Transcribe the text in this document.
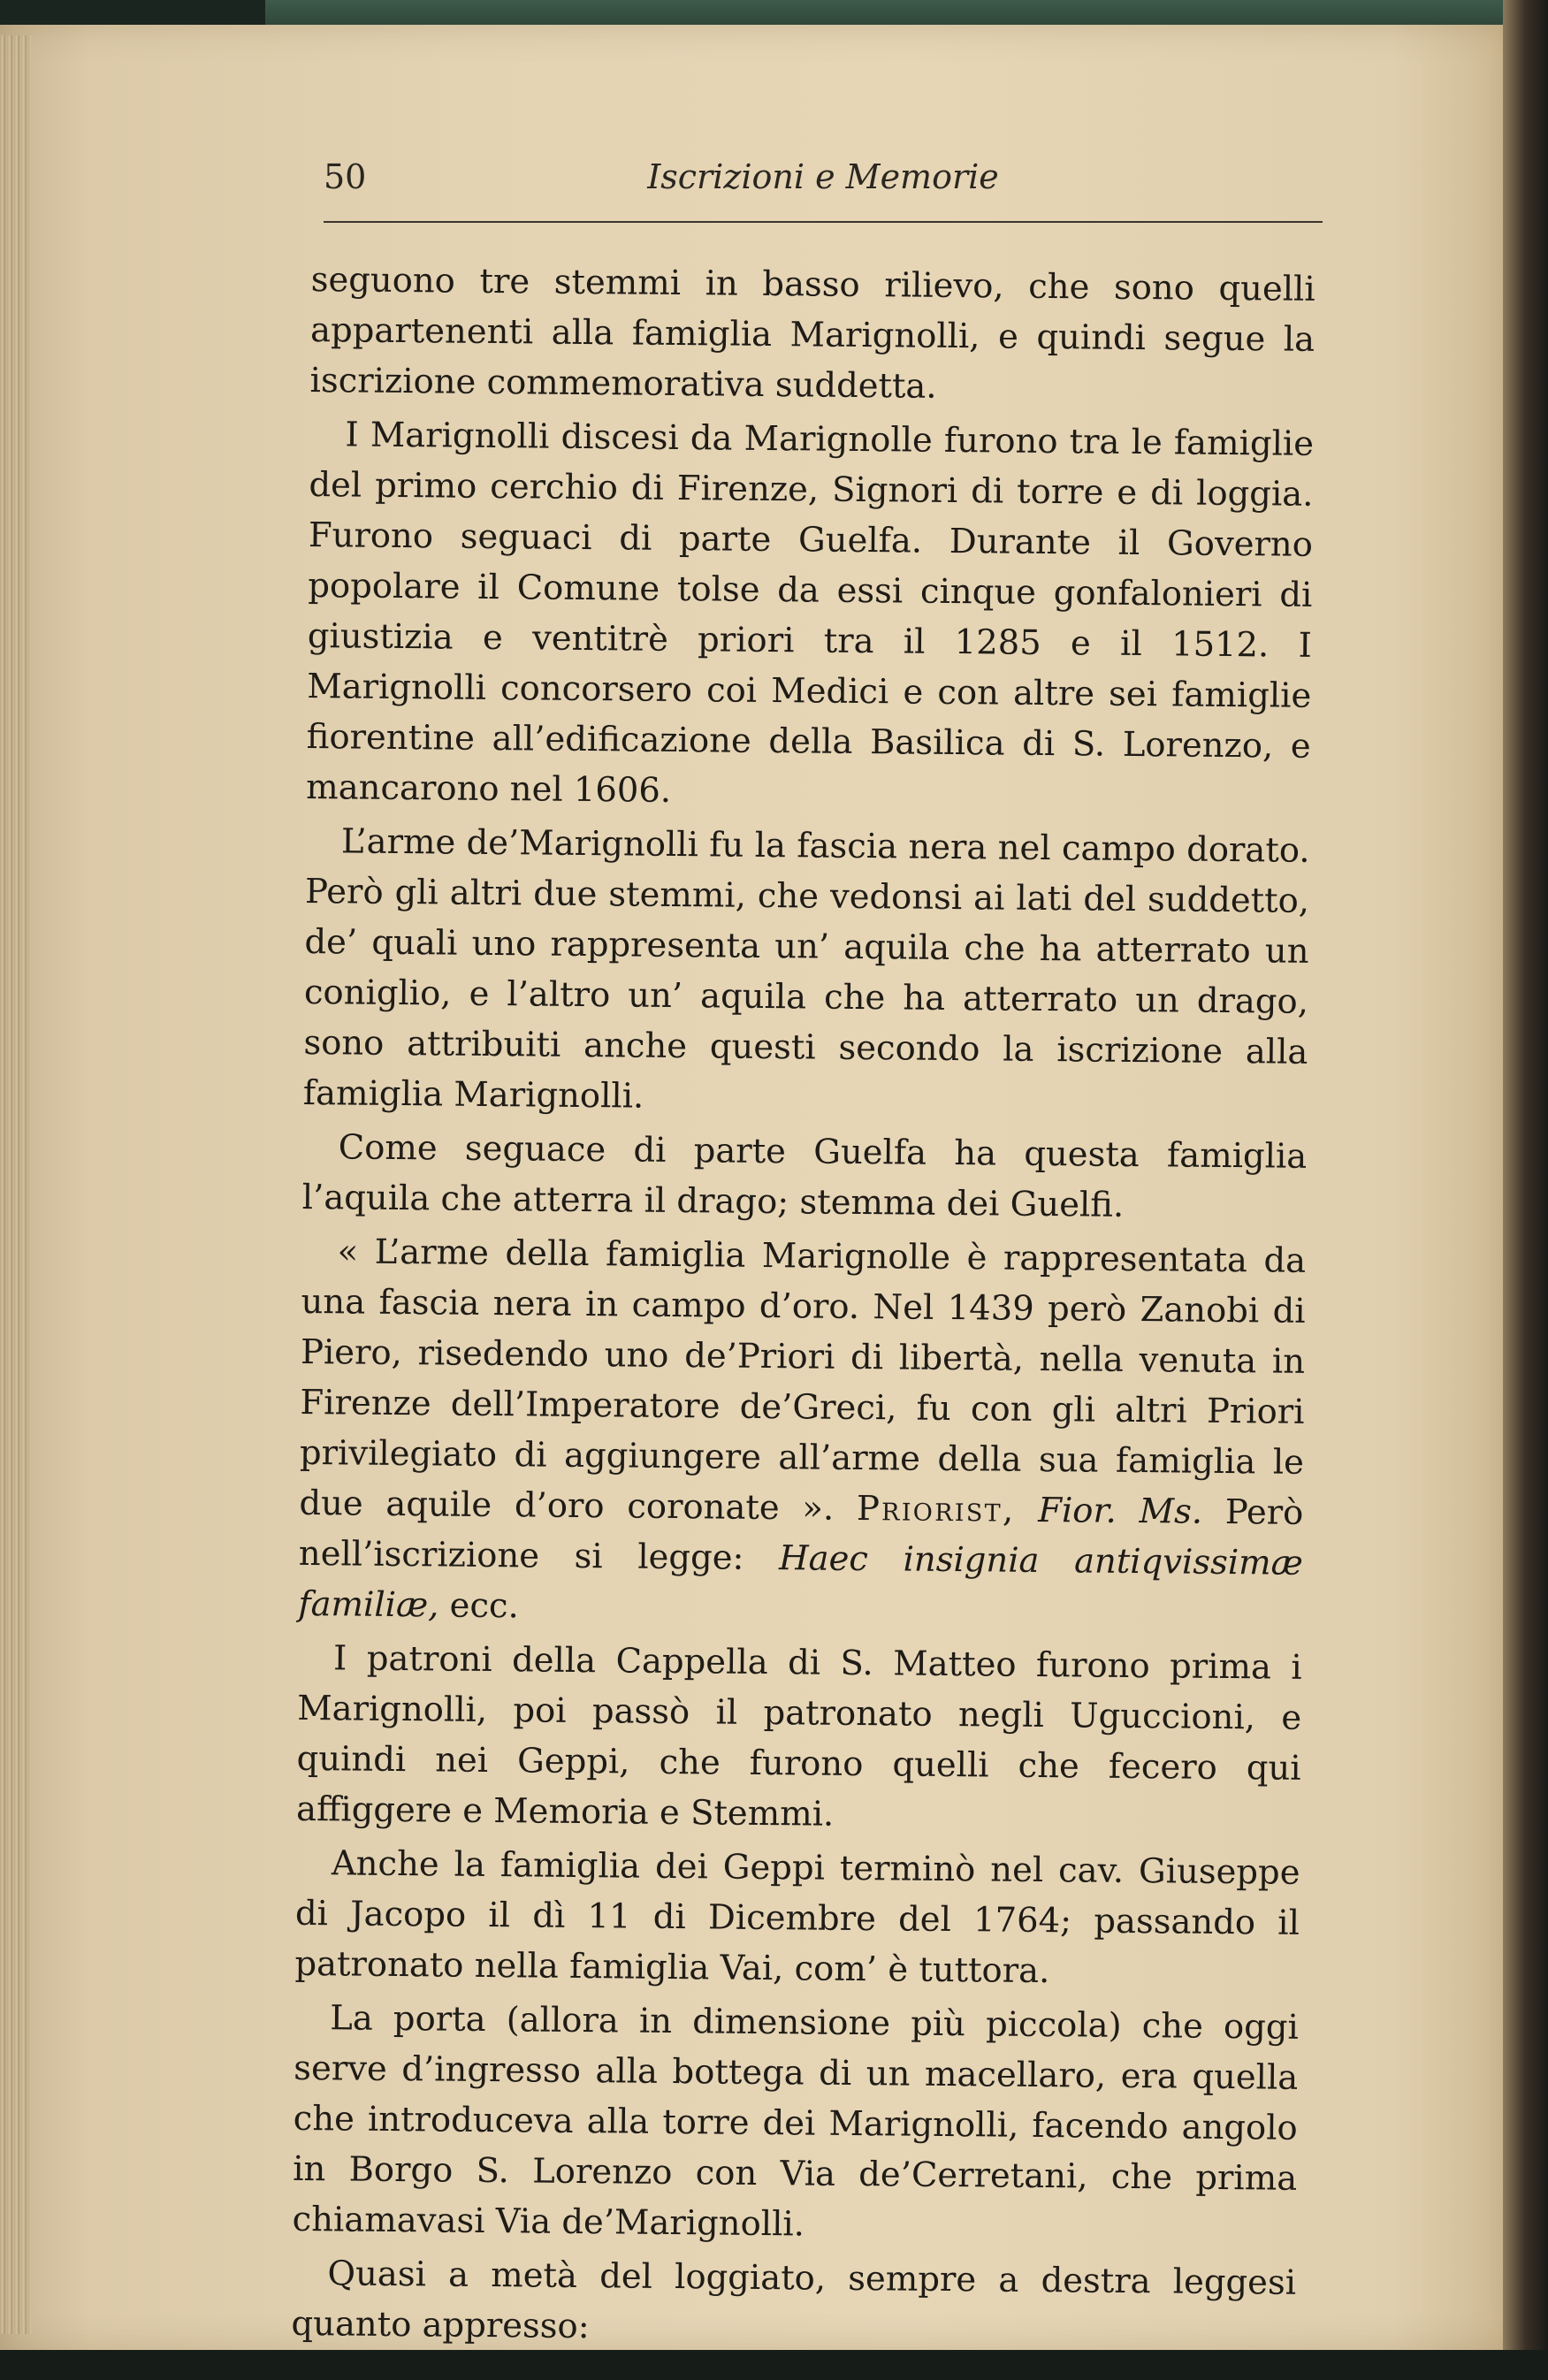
50	Iscrizioni e Memorie

seguono tre stemmi in basso rilievo, che sono quelli appartenenti alla famiglia Marignolli, e quindi segue la iscrizione commemorativa suddetta.

I Marignolli discesi da Marignolle furono tra le famiglie del primo cerchio di Firenze, Signori di torre e di loggia. Furono seguaci di parte Guelfa. Durante il Governo popolare il Comune tolse da essi cinque gonfalonieri di giustizia e ventitrè priori tra il 1285 e il 1512. I Marignolli concorsero coi Medici e con altre sei famiglie fiorentine all’edificazione della Basilica di S. Lorenzo, e mancarono nel 1606.

L’arme de’Marignolli fu la fascia nera nel campo dorato. Però gli altri due stemmi, che vedonsi ai lati del suddetto, de’ quali uno rappresenta un’ aquila che ha atterrato un coniglio, e l’altro un’ aquila che ha atterrato un drago, sono attribuiti anche questi secondo la iscrizione alla famiglia Marignolli.

Come seguace di parte Guelfa ha questa famiglia l’aquila che atterra il drago; stemma dei Guelfi.

« L’arme della famiglia Marignolle è rappresentata da una fascia nera in campo d’oro. Nel 1439 però Zanobi di Piero, risedendo uno de’Priori di libertà, nella venuta in Firenze dell’Imperatore de’Greci, fu con gli altri Priori privilegiato di aggiungere all’arme della sua famiglia le due aquile d’oro coronate ». Priorist, Fior. Ms. Però nell’iscrizione si legge: Haec insignia antiqvissimæ familiæ, ecc.

I patroni della Cappella di S. Matteo furono prima i Marignolli, poi passò il patronato negli Uguccioni, e quindi nei Geppi, che furono quelli che fecero qui affiggere e Memoria e Stemmi.

Anche la famiglia dei Geppi terminò nel cav. Giuseppe di Jacopo il dì 11 di Dicembre del 1764; passando il patronato nella famiglia Vai, com’ è tuttora.

La porta (allora in dimensione più piccola) che oggi serve d’ingresso alla bottega di un macellaro, era quella che introduceva alla torre dei Marignolli, facendo angolo in Borgo S. Lorenzo con Via de’Cerretani, che prima chiamavasi Via de’Marignolli.

Quasi a metà del loggiato, sempre a destra leggesi quanto appresso:
